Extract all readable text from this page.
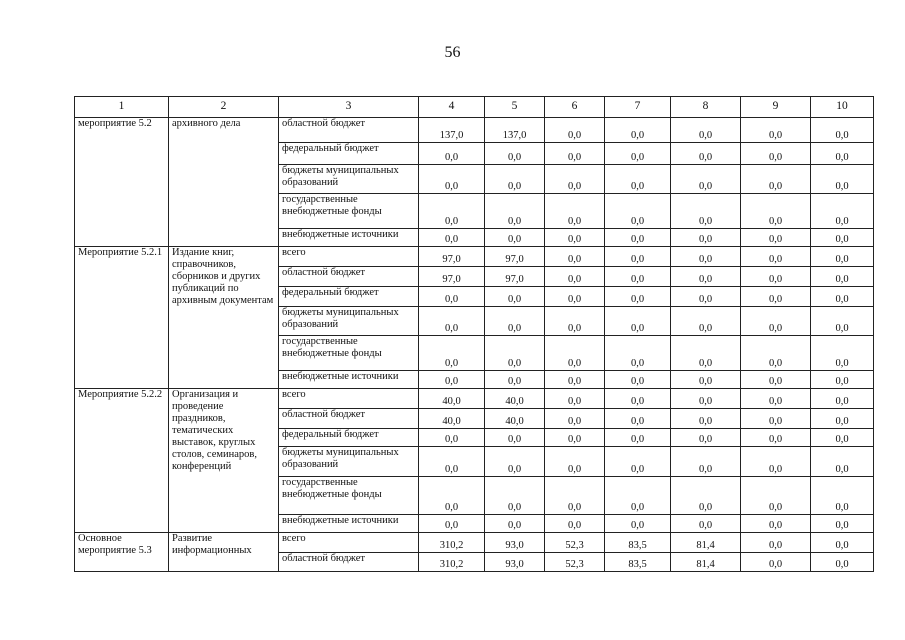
56
1	2	3	4	5	6	7	8	9	10
мероприятие 5.2	архивного дела	областной бюджет	137,0	137,0	0,0	0,0	0,0	0,0	0,0
		федеральный бюджет	0,0	0,0	0,0	0,0	0,0	0,0	0,0
		бюджеты муниципальных образований	0,0	0,0	0,0	0,0	0,0	0,0	0,0
		государственные внебюджетные фонды	0,0	0,0	0,0	0,0	0,0	0,0	0,0
		внебюджетные источники	0,0	0,0	0,0	0,0	0,0	0,0	0,0
Мероприятие 5.2.1	Издание книг, справочников, сборников и других публикаций по архивным документам	всего	97,0	97,0	0,0	0,0	0,0	0,0	0,0
		областной бюджет	97,0	97,0	0,0	0,0	0,0	0,0	0,0
		федеральный бюджет	0,0	0,0	0,0	0,0	0,0	0,0	0,0
		бюджеты муниципальных образований	0,0	0,0	0,0	0,0	0,0	0,0	0,0
		государственные внебюджетные фонды	0,0	0,0	0,0	0,0	0,0	0,0	0,0
		внебюджетные источники	0,0	0,0	0,0	0,0	0,0	0,0	0,0
Мероприятие 5.2.2	Организация и проведение праздников, тематических выставок, круглых столов, семинаров, конференций	всего	40,0	40,0	0,0	0,0	0,0	0,0	0,0
		областной бюджет	40,0	40,0	0,0	0,0	0,0	0,0	0,0
		федеральный бюджет	0,0	0,0	0,0	0,0	0,0	0,0	0,0
		бюджеты муниципальных образований	0,0	0,0	0,0	0,0	0,0	0,0	0,0
		государственные внебюджетные фонды	0,0	0,0	0,0	0,0	0,0	0,0	0,0
		внебюджетные источники	0,0	0,0	0,0	0,0	0,0	0,0	0,0
Основное мероприятие 5.3	Развитие информационных	всего	310,2	93,0	52,3	83,5	81,4	0,0	0,0
		областной бюджет	310,2	93,0	52,3	83,5	81,4	0,0	0,0
